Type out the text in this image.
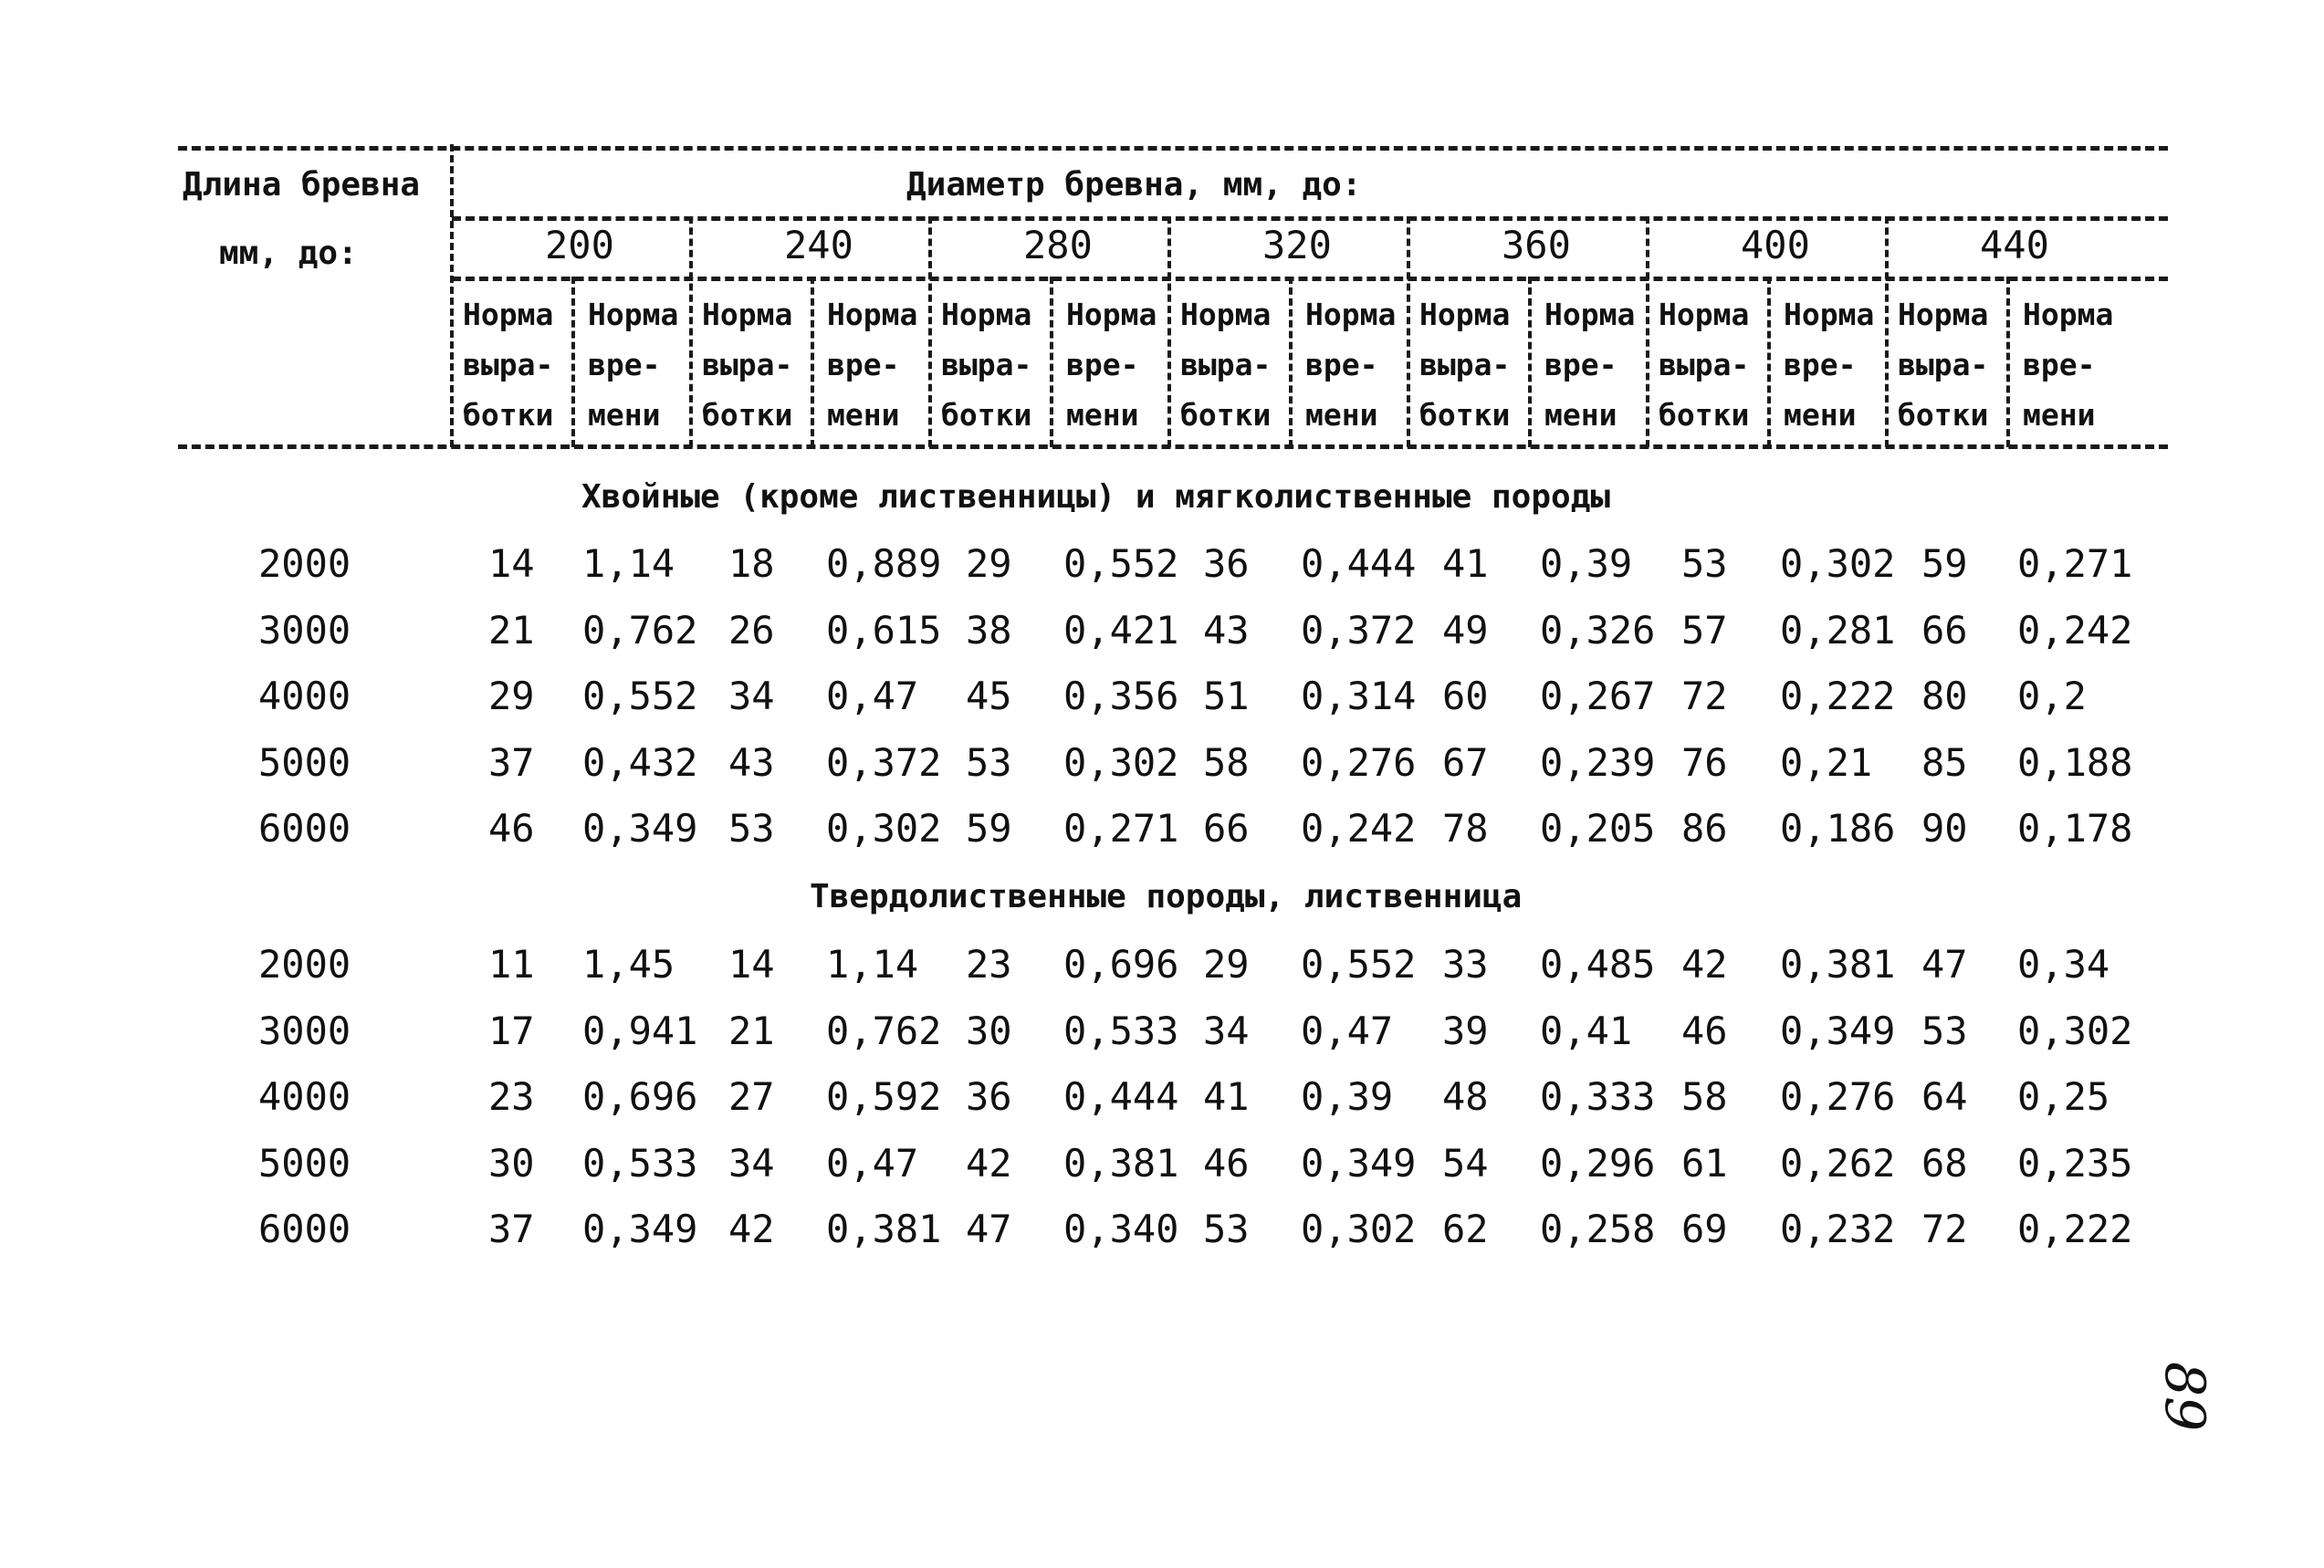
Длина бревна
мм, до:
Диаметр бревна, мм, до:
200	240	280	320	360	400	440
Норма
выра-
ботки
Норма
вре-
мени
Норма
выра-
ботки
Норма
вре-
мени
Норма
выра-
ботки
Норма
вре-
мени
Норма
выра-
ботки
Норма
вре-
мени
Норма
выра-
ботки
Норма
вре-
мени
Норма
выра-
ботки
Норма
вре-
мени
Норма
выра-
ботки
Норма
вре-
мени
Хвойные (кроме лиственницы) и мягколиственные породы
2000	14 1,14 18 0,889 29 0,552 36 0,444 41 0,39 53 0,302 59 0,271
3000	21 0,762 26 0,615 38 0,421 43 0,372 49 0,326 57 0,281 66 0,242
4000	29 0,552 34 0,47 45 0,356 51 0,314 60 0,267 72 0,222 80 0,2
5000	37 0,432 43 0,372 53 0,302 58 0,276 67 0,239 76 0,21 85 0,188
6000	46 0,349 53 0,302 59 0,271 66 0,242 78 0,205 86 0,186 90 0,178
Твердолиственные породы, лиственница
2000	11 1,45 14 1,14 23 0,696 29 0,552 33 0,485 42 0,381 47 0,34
3000	17 0,941 21 0,762 30 0,533 34 0,47 39 0,41 46 0,349 53 0,302
4000	23 0,696 27 0,592 36 0,444 41 0,39 48 0,333 58 0,276 64 0,25
5000	30 0,533 34 0,47 42 0,381 46 0,349 54 0,296 61 0,262 68 0,235
6000	37 0,349 42 0,381 47 0,340 53 0,302 62 0,258 69 0,232 72 0,222
89
